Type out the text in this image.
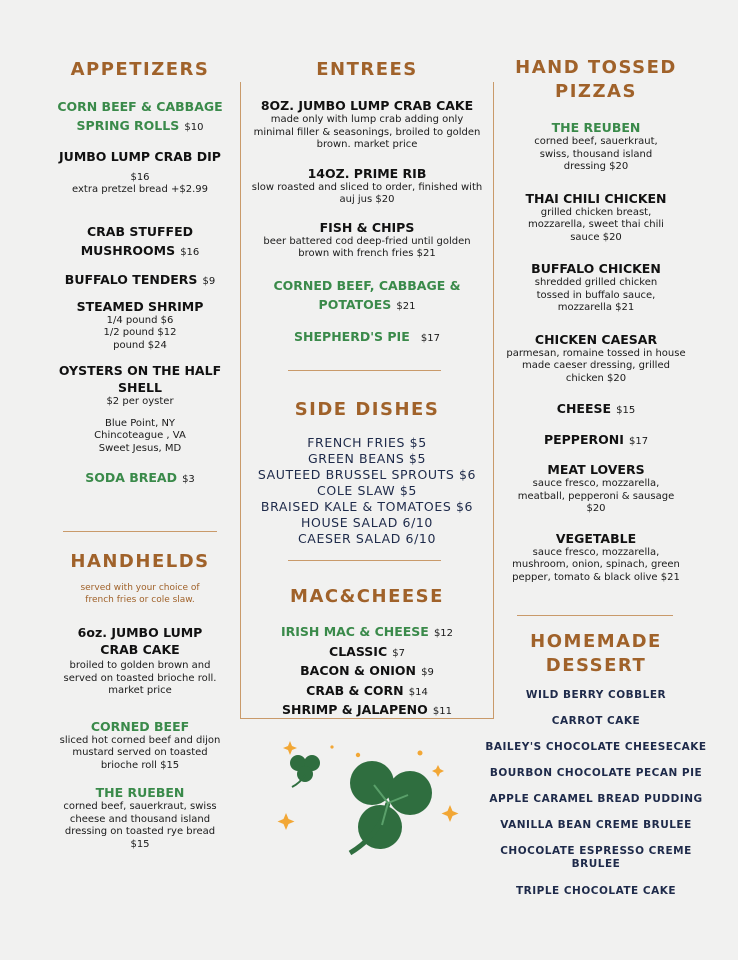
APPETIZERS
CORN BEEF & CABBAGE SPRING ROLLS $10
JUMBO LUMP CRAB DIP $16
extra pretzel bread +$2.99
CRAB STUFFED MUSHROOMS $16
BUFFALO TENDERS $9
STEAMED SHRIMP
1/4 pound $6
1/2 pound $12
pound $24
OYSTERS ON THE HALF SHELL
$2 per oyster
Blue Point, NY
Chincoteague , VA
Sweet Jesus, MD
SODA BREAD $3
HANDHELDS
served with your choice of french fries or cole slaw.
6oz. JUMBO LUMP CRAB CAKE
broiled to golden brown and served on toasted brioche roll. market price
CORNED BEEF
sliced hot corned beef and dijon mustard served on toasted brioche roll $15
THE RUEBEN
corned beef, sauerkraut, swiss cheese and thousand island dressing on toasted rye bread $15
ENTREES
8OZ. JUMBO LUMP CRAB CAKE
made only with lump crab adding only minimal filler & seasonings, broiled to golden brown. market price
14OZ. PRIME RIB
slow roasted and sliced to order, finished with auj jus $20
FISH & CHIPS
beer battered cod deep-fried until golden brown with french fries $21
CORNED BEEF, CABBAGE & POTATOES $21
SHEPHERD'S PIE $17
SIDE DISHES
FRENCH FRIES $5
GREEN BEANS $5
SAUTEED BRUSSEL SPROUTS $6
COLE SLAW $5
BRAISED KALE & TOMATOES $6
HOUSE SALAD 6/10
CAESER SALAD 6/10
MAC&CHEESE
IRISH MAC & CHEESE $12
CLASSIC $7
BACON & ONION $9
CRAB & CORN $14
SHRIMP & JALAPENO $11
HAND TOSSED
PIZZAS
THE REUBEN
corned beef, sauerkraut, swiss, thousand island dressing $20
THAI CHILI CHICKEN
grilled chicken breast, mozzarella, sweet thai chili sauce $20
BUFFALO CHICKEN
shredded grilled chicken tossed in buffalo sauce, mozzarella $21
CHICKEN CAESAR
parmesan, romaine tossed in house made caeser dressing, grilled chicken $20
CHEESE $15
PEPPERONI $17
MEAT LOVERS
sauce fresco, mozzarella, meatball, pepperoni & sausage $20
VEGETABLE
sauce fresco, mozzarella, mushroom, onion, spinach, green pepper, tomato & black olive $21
HOMEMADE
DESSERT
WILD BERRY COBBLER
CARROT CAKE
BAILEY'S CHOCOLATE CHEESECAKE
BOURBON CHOCOLATE PECAN PIE
APPLE CARAMEL BREAD PUDDING
VANILLA BEAN CREME BRULEE
CHOCOLATE ESPRESSO CREME BRULEE
TRIPLE CHOCOLATE CAKE
